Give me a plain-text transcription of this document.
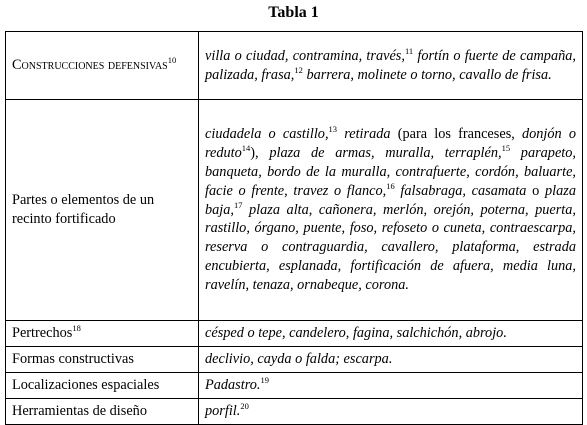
Tabla 1
Construcciones defensivas$^{10}$	villa o ciudad, contramina, través,$^{11}$ fortín o fuerte de campaña, palizada, frasa,$^{12}$ barrera, molinete o torno, cavallo de frisa.

Partes o elementos de un recinto fortificado	ciudadela o castillo,$^{13}$ retirada (para los franceses, donjón o reduto$^{14}$), plaza de armas, muralla, terraplén,$^{15}$ parapeto, banqueta, bordo de la muralla, contrafuerte, cordón, baluarte, facie o frente, travez o flanco,$^{16}$ falsabraga, casamata o plaza baja,$^{17}$ plaza alta, cañonera, merlón, orejón, poterna, puerta, rastillo, órgano, puente, foso, refoseto o cuneta, contraescarpa, reserva o contraguardia, cavallero, plataforma, estrada encubierta, esplanada, fortificación de afuera, media luna, ravelín, tenaza, ornabeque, corona.

Pertrechos$^{18}$	césped o tepe, candelero, fagina, salchichón, abrojo.

Formas constructivas	declivio, cayda o falda; escarpa.

Localizaciones espaciales	Padastro.$^{19}$

Herramientas de diseño	porfil.$^{20}$
